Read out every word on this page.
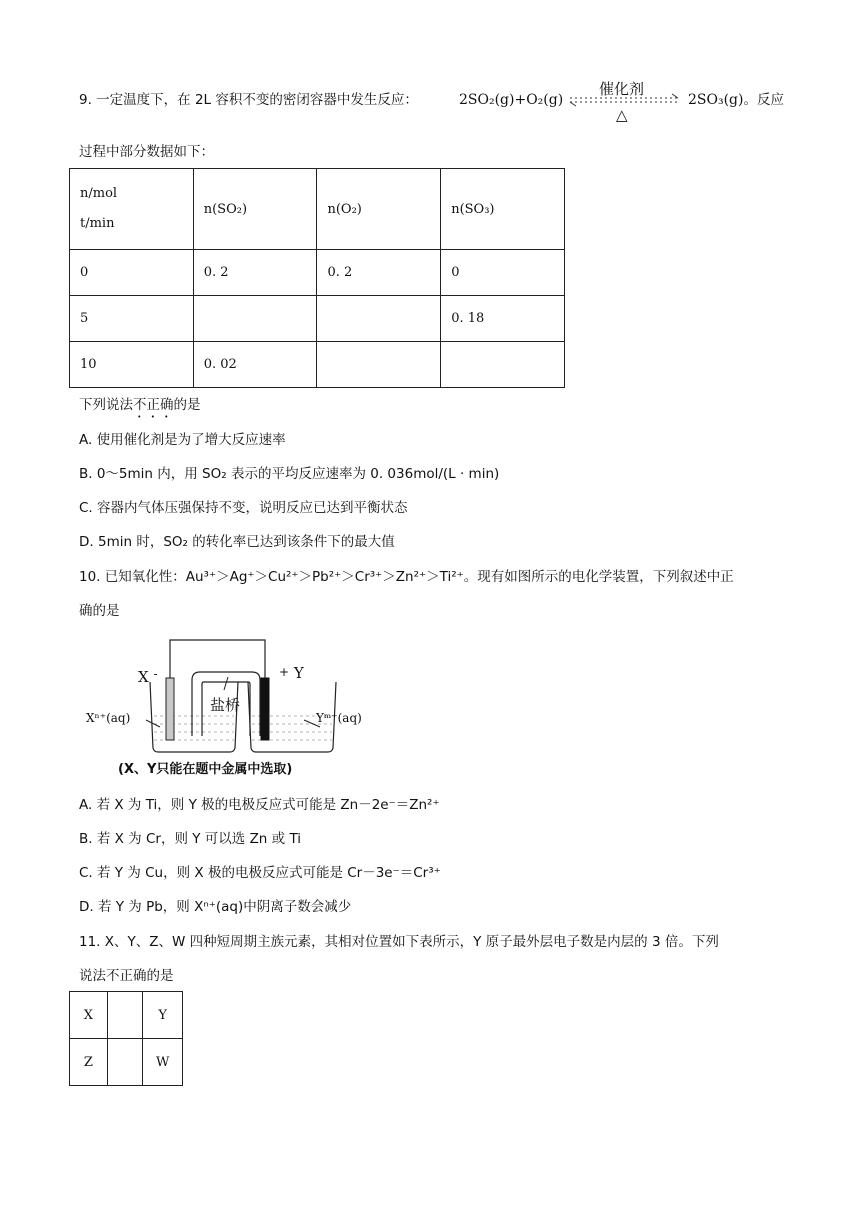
9. 一定温度下，在 2L 容积不变的密闭容器中发生反应：	2SO₂(g)+O₂(g)
催化剂
△
2SO₃(g)。反应
过程中部分数据如下：
n/mol
t/min	n(SO₂)	n(O₂)	n(SO₃)
0	0. 2	0. 2	0
5			0. 18
10	0. 02		
下列说法不正确的是
A. 使用催化剂是为了增大反应速率
B. 0～5min 内，用 SO₂ 表示的平均反应速率为 0. 036mol/(L · min)
C. 容器内气体压强保持不变，说明反应已达到平衡状态
D. 5min 时，SO₂ 的转化率已达到该条件下的最大值
10. 已知氧化性：Au³⁺＞Ag⁺＞Cu²⁺＞Pb²⁺＞Cr³⁺＞Zn²⁺＞Ti²⁺。现有如图所示的电化学装置，下列叙述中正
确的是
X -	+ Y
盐桥
Xⁿ⁺(aq)	Yᵐ⁺(aq)
(X、Y只能在题中金属中选取)
A. 若 X 为 Ti，则 Y 极的电极反应式可能是 Zn－2e⁻＝Zn²⁺
B. 若 X 为 Cr，则 Y 可以选 Zn 或 Ti
C. 若 Y 为 Cu，则 X 极的电极反应式可能是 Cr－3e⁻＝Cr³⁺
D. 若 Y 为 Pb，则 Xⁿ⁺(aq)中阴离子数会减少
11. X、Y、Z、W 四种短周期主族元素，其相对位置如下表所示，Y 原子最外层电子数是内层的 3 倍。下列
说法不正确的是
X		Y
Z		W
